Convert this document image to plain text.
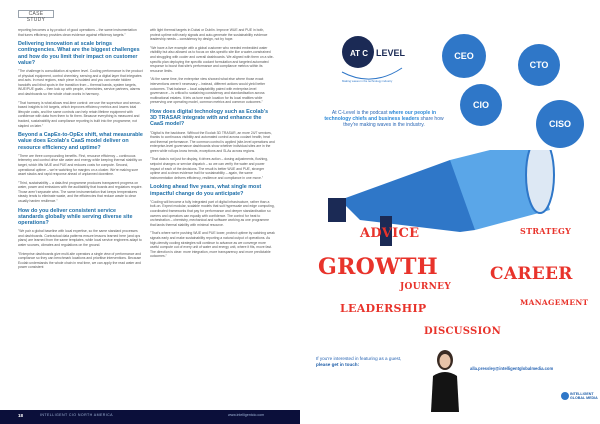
CASE STUDY

reporting becomes a by-product of good operations – the same instrumentation that tunes efficiency provides clean evidence against efficiency targets."

Delivering innovation at scale brings contingencies. What are the biggest challenges and how do you limit their impact on customer value?

"The challenge is consolidation at system level. Cooling performance is the product of physical equipment, control chemistry, sensing and a digital layer that integrates and acts. In most regions, each piece is isolated and you can create hidden handoffs and blind spots in the transition from – thermal bands, system targets, WUE/PUE goals – then lock up with people, chemistries, service partners, alarms and dashboards so the whole chain works in harmony.

"That harmony is what allows real-time control: we use the supervisor and sensor-based insights to hit targets, which improves efficiency metrics and lowers total lifecycle costs, and the same controls can help retain lifetime equipment with confidence with data from them to fix them. Because everything is measured and tracked, sustainability and compliance reporting is built into the programme, not stapled on later."

Beyond a CapEx-to-OpEx shift, what measurable value does Ecolab's CaaS model deliver on resource efficiency and uptime?

"There are three compounding benefits. First, resource efficiency – continuous telemetry and control drive site water and energy while keeping thermal stability on target, which lifts WUE and PUE and reduces costs for compute. Second, operational uptime – we're watching for margins on a cluster. We're making sure asset stacks and rapid response ahead of unplanned downtime.

"Third, sustainability – a data-first programme produces transparent progress on water, power and emissions with the auditability that boards and regulators require. Those aren't separate wins. The same instrumentation that keeps temperatures steady tends to eliminate waste, and the efficiencies that reduce waste to clear usually harden resilience."

How do you deliver consistent service standards globally while serving diverse site operations?

"We pair a global baseline with local expertise, so the same standard processes and dashboards. Contractual data patterns ensure lessons learned here (and ops plans) are learned from the same templates, while local service engineers adapt to water sources, climates and regulations on the ground.

"Enterprise dashboards give multi-site operators a single view of performance and compliance so they can benchmark locations and prioritise interventions. Because Ecolab understands the whole chain in real time, we can apply the read water and power consistent

with light thermal targets in Dubai or Dublin. Improve WUE and PUE in both, protect uptime with early signals and auto-generate the sustainability evidence leadership needs – consistency by design, not by hope.

"We have a live example with a global customer who needed embedded water visibility but also allowed us to focus on site-specific site like a water-constrained and struggling with cooler and overall dashboards. We aligned with them on a site-specific plan deploying the specific coolant formulation and targeted automated response to boost that site's performance and compliance metrics within its resource limits.

"At the same time, the enterprise view showed what else where those exact interventions weren't necessary – instead, different actions would yield better outcomes. That balance – local adaptability paired with enterprise-level governance – is critical to sustaining consistency and standardisation across multinational estates. It lets us tune each location for its local realities while preserving one operating model, common metrics and common outcomes."

How does digital technology such as Ecolab's 3D TRASAR integrate with and enhance the CaaS model?

"Digital is the backbone. Without the Ecolab 3D TRASAR, an more 24/7 services, thanks to continuous visibility and automated control across coolant health, heat and thermal performance. The common control is applied (site-level operations and enterprise-level governance dashboards show whether individual sites are in the green while rollups know trends, exceptions and SLAs across regions.

"That data is not just for display, it drives action – dosing adjustments, flushing, setpoint changes or service dispatch – so we can verify the water and power impact of each of the decisions. The result is better WUE and PUE, stronger uptime and a clean evidence trail for sustainability – again, the same instrumentation delivers efficiency, resilience and compliance in one move."

Looking ahead five years, what single most impactful change do you anticipate?

"Cooling will become a fully integrated part of digital infrastructure, rather than a bolt-on. Expect modular, scalable models that suit hyperscale and edge computing, coordinated frameworks that pay for performance and deeper standardisation so owners and operators can equally with confidence. The control for heat to orchestration – chemistry, mechanical and software working as one programme that lands thermal stability with minimal resource.

"That's where we're pushing WUE and PUE lower, protect uptime by catching weak signals early and make sustainability reporting a natural output of operations. As high-density cooling strategies will continue to advance as we converge more useful compute out of every unit of water and energy unit, where it fits, move fast. The direction is clear: more integration, more transparency and more predictable outcomes."

18	INTELLIGENT CIO NORTH AMERICA	www.intelligentcio.com
AT C LEVEL
Making waves in the technology industry
CEO
CTO
CIO
CISO
At C-Level is the podcast where our people in technology chiefs and business leaders share how they're making waves in the industry.
ADVICE	STRATEGY
GROWTH	CAREER
JOURNEY
LEADERSHIP	MANAGEMENT
DISCUSSION
If you're interested in featuring as a guest, please get in touch:
alla.pressley@intelligentglobalmedia.com
INTELLIGENT
GLOBAL MEDIA
